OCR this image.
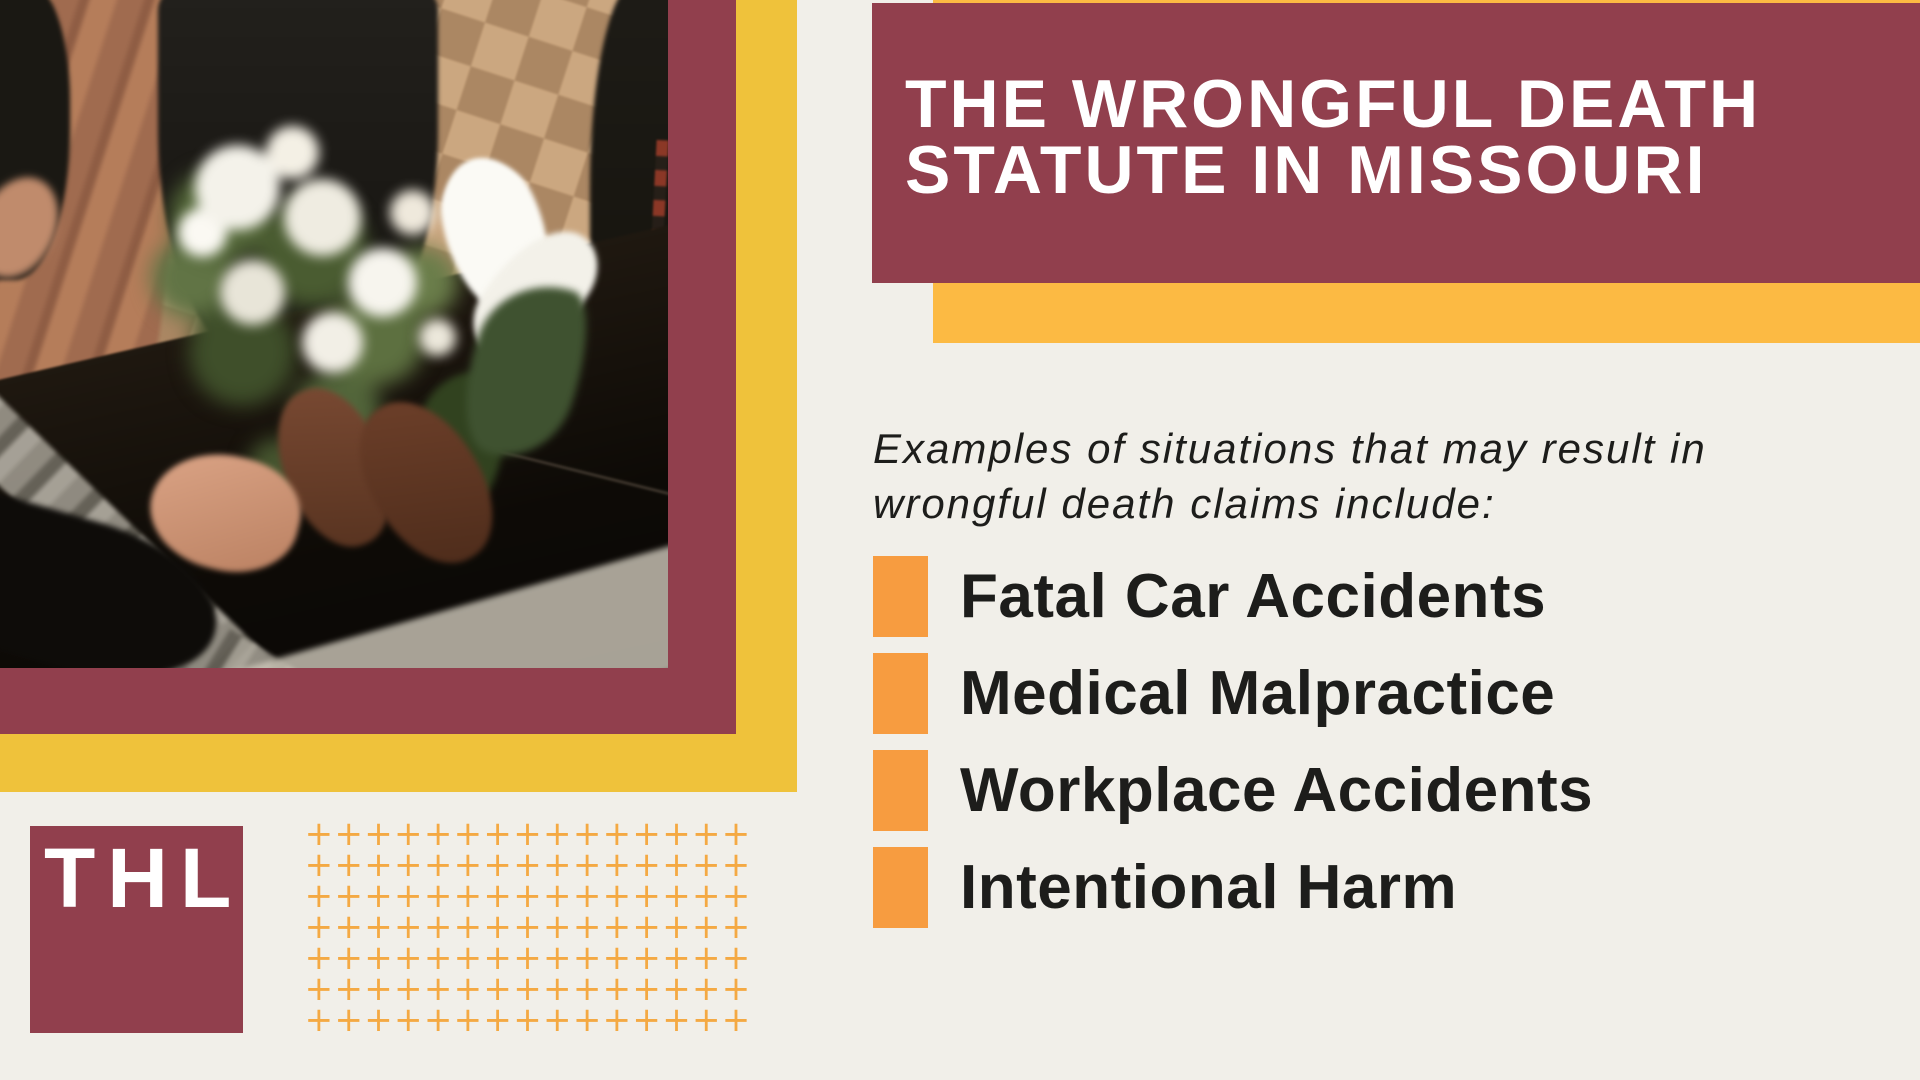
THE WRONGFUL DEATH
STATUTE IN MISSOURI
Examples of situations that may result in
wrongful death claims include:
Fatal Car Accidents
Medical Malpractice
Workplace Accidents
Intentional Harm
THL + + + + + + + + + + + + + + +
+ + + + + + + + + + + + + + +
+ + + + + + + + + + + + + + +
+ + + + + + + + + + + + + + +
+ + + + + + + + + + + + + + +
+ + + + + + + + + + + + + + +
+ + + + + + + + + + + + + + +
